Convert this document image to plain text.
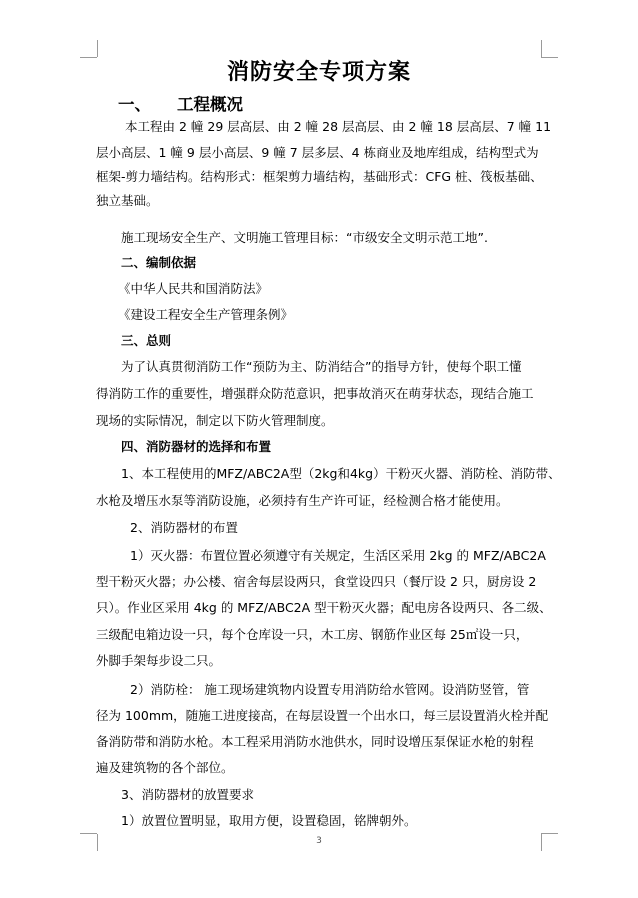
消防安全专项方案
一、 工程概况
本工程由 2 幢 29 层高层、由 2 幢 28 层高层、由 2 幢 18 层高层、7 幢 11
层小高层、1 幢 9 层小高层、9 幢 7 层多层、4 栋商业及地库组成，结构型式为
框架-剪力墙结构。结构形式：框架剪力墙结构，基础形式：CFG 桩、筏板基础、
独立基础。
施工现场安全生产、文明施工管理目标：“市级安全文明示范工地”.
二、编制依据
《中华人民共和国消防法》
《建设工程安全生产管理条例》
三、总则
为了认真贯彻消防工作“预防为主、防消结合”的指导方针，使每个职工懂
得消防工作的重要性，增强群众防范意识，把事故消灭在萌芽状态，现结合施工
现场的实际情况，制定以下防火管理制度。
四、消防器材的选择和布置
1、本工程使用的MFZ/ABC2A型（2kg和4kg）干粉灭火器、消防栓、消防带、
水枪及增压水泵等消防设施，必须持有生产许可证，经检测合格才能使用。
2、消防器材的布置
1）灭火器：布置位置必须遵守有关规定，生活区采用 2kg 的 MFZ/ABC2A
型干粉灭火器；办公楼、宿舍每层设两只，食堂设四只（餐厅设 2 只，厨房设 2
只）。作业区采用 4kg 的 MFZ/ABC2A 型干粉灭火器；配电房各设两只、各二级、
三级配电箱边设一只，每个仓库设一只，木工房、钢筋作业区每 25㎡设一只，
外脚手架每步设二只。
2）消防栓： 施工现场建筑物内设置专用消防给水管网。设消防竖管，管
径为 100mm，随施工进度接高，在每层设置一个出水口，每三层设置消火栓并配
备消防带和消防水枪。本工程采用消防水池供水，同时设增压泵保证水枪的射程
遍及建筑物的各个部位。
3、消防器材的放置要求
1）放置位置明显，取用方便，设置稳固，铭牌朝外。
3
